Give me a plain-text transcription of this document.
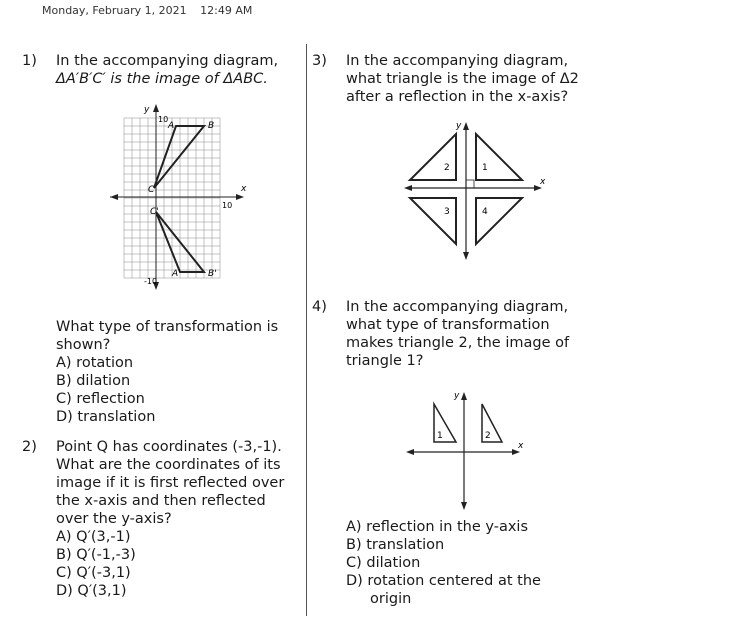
Monday, February 1, 2021 12:49 AM
1) In the accompanying diagram,
ΔA′B′C′ is the image of ΔABC.
y
x
10
10
-10
A	B
C
C'
A'	B'
What type of transformation is
shown?
A) rotation
B) dilation
C) reflection
D) translation
2) Point Q has coordinates (-3,-1).
What are the coordinates of its
image if it is first reflected over
the x-axis and then reflected
over the y-axis?
A) Q′(3,-1)
B) Q′(-1,-3)
C) Q′(-3,1)
D) Q′(3,1)
3) In the accompanying diagram,
what triangle is the image of Δ2
after a reflection in the x-axis?
2	1
3	4
y
x
4) In the accompanying diagram,
what type of transformation
makes triangle 2, the image of
triangle 1?
1	2
y
x
A) reflection in the y-axis
B) translation
C) dilation
D) rotation centered at the
origin
